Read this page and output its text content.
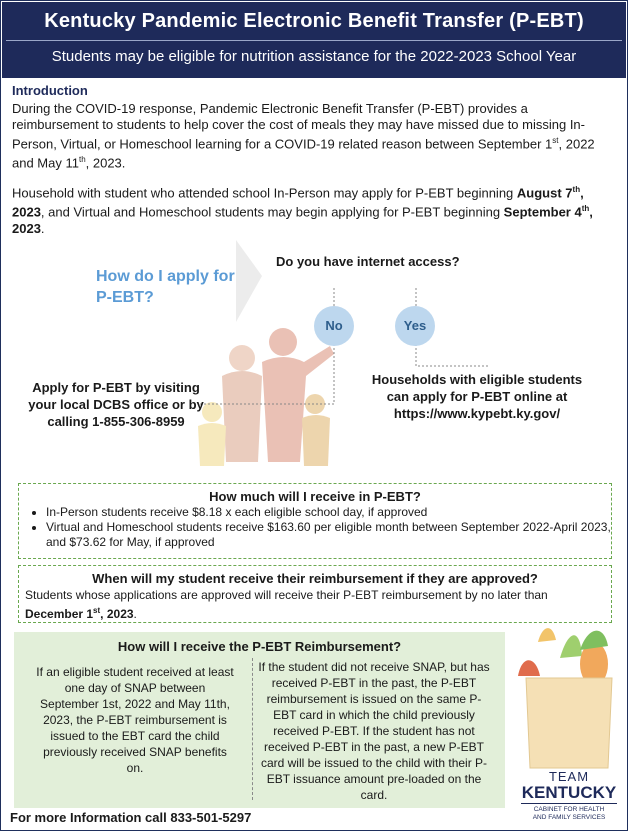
Kentucky Pandemic Electronic Benefit Transfer (P-EBT)
Students may be eligible for nutrition assistance for the 2022-2023 School Year
Introduction
During the COVID-19 response, Pandemic Electronic Benefit Transfer (P-EBT) provides a reimbursement to students to help cover the cost of meals they may have missed due to missing In-Person, Virtual, or Homeschool learning for a COVID-19 related reason between September 1st, 2022 and May 11th, 2023.
Household with student who attended school In-Person may apply for P-EBT beginning August 7th, 2023, and Virtual and Homeschool students may begin applying for P-EBT beginning September 4th, 2023.
How do I apply for P-EBT?
Do you have internet access?
No	Yes
Apply for P-EBT by visiting your local DCBS office or by calling 1-855-306-8959
Households with eligible students can apply for P-EBT online at https://www.kypebt.ky.gov/
How much will I receive in P-EBT?
• In-Person students receive $8.18 x each eligible school day, if approved
• Virtual and Homeschool students receive $163.60 per eligible month between September 2022-April 2023, and $73.62 for May, if approved
When will my student receive their reimbursement if they are approved?
Students whose applications are approved will receive their P-EBT reimbursement by no later than December 1st, 2023.
How will I receive the P-EBT Reimbursement?
If an eligible student received at least one day of SNAP between September 1st, 2022 and May 11th, 2023, the P-EBT reimbursement is issued to the EBT card the child previously received SNAP benefits on.
If the student did not receive SNAP, but has received P-EBT in the past, the P-EBT reimbursement is issued on the same P-EBT card in which the child previously received P-EBT. If the student has not received P-EBT in the past, a new P-EBT card will be issued to the child with their P-EBT issuance amount pre-loaded on the card.
TEAM
KENTUCKY
CABINET FOR HEALTH
AND FAMILY SERVICES
For more Information call 833-501-5297
